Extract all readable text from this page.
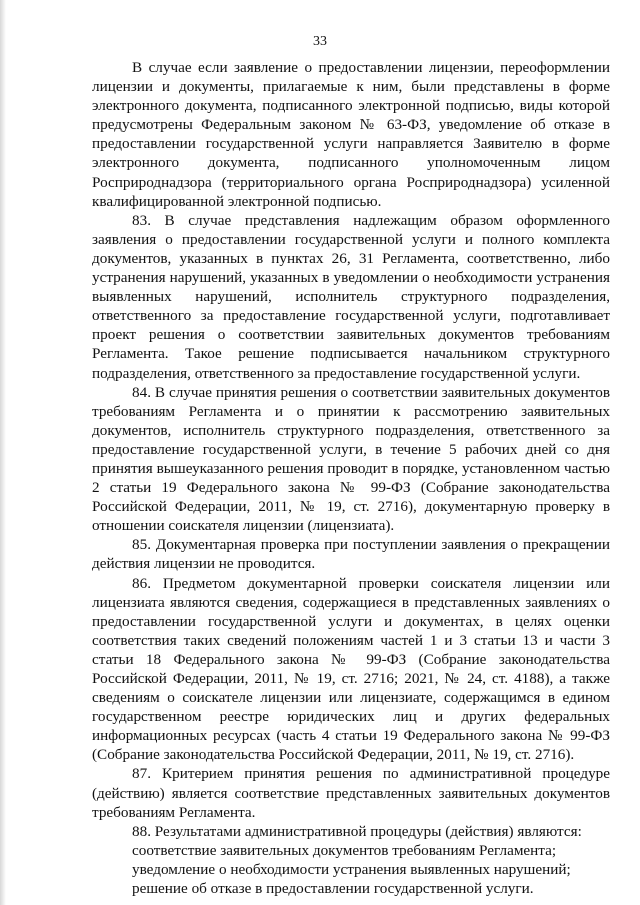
33

В случае если заявление о предоставлении лицензии, переоформлении лицензии и документы, прилагаемые к ним, были представлены в форме электронного документа, подписанного электронной подписью, виды которой предусмотрены Федеральным законом № 63-ФЗ, уведомление об отказе в предоставлении государственной услуги направляется Заявителю в форме электронного документа, подписанного уполномоченным лицом Росприроднадзора (территориального органа Росприроднадзора) усиленной квалифицированной электронной подписью.

83. В случае представления надлежащим образом оформленного заявления о предоставлении государственной услуги и полного комплекта документов, указанных в пунктах 26, 31 Регламента, соответственно, либо устранения нарушений, указанных в уведомлении о необходимости устранения выявленных нарушений, исполнитель структурного подразделения, ответственного за предоставление государственной услуги, подготавливает проект решения о соответствии заявительных документов требованиям Регламента. Такое решение подписывается начальником структурного подразделения, ответственного за предоставление государственной услуги.

84. В случае принятия решения о соответствии заявительных документов требованиям Регламента и о принятии к рассмотрению заявительных документов, исполнитель структурного подразделения, ответственного за предоставление государственной услуги, в течение 5 рабочих дней со дня принятия вышеуказанного решения проводит в порядке, установленном частью 2 статьи 19 Федерального закона № 99-ФЗ (Собрание законодательства Российской Федерации, 2011, № 19, ст. 2716), документарную проверку в отношении соискателя лицензии (лицензиата).

85. Документарная проверка при поступлении заявления о прекращении действия лицензии не проводится.

86. Предметом документарной проверки соискателя лицензии или лицензиата являются сведения, содержащиеся в представленных заявлениях о предоставлении государственной услуги и документах, в целях оценки соответствия таких сведений положениям частей 1 и 3 статьи 13 и части 3 статьи 18 Федерального закона № 99-ФЗ (Собрание законодательства Российской Федерации, 2011, № 19, ст. 2716; 2021, № 24, ст. 4188), а также сведениям о соискателе лицензии или лицензиате, содержащимся в едином государственном реестре юридических лиц и других федеральных информационных ресурсах (часть 4 статьи 19 Федерального закона № 99-ФЗ (Собрание законодательства Российской Федерации, 2011, № 19, ст. 2716).

87. Критерием принятия решения по административной процедуре (действию) является соответствие представленных заявительных документов требованиям Регламента.

88. Результатами административной процедуры (действия) являются:

соответствие заявительных документов требованиям Регламента;

уведомление о необходимости устранения выявленных нарушений;

решение об отказе в предоставлении государственной услуги.
